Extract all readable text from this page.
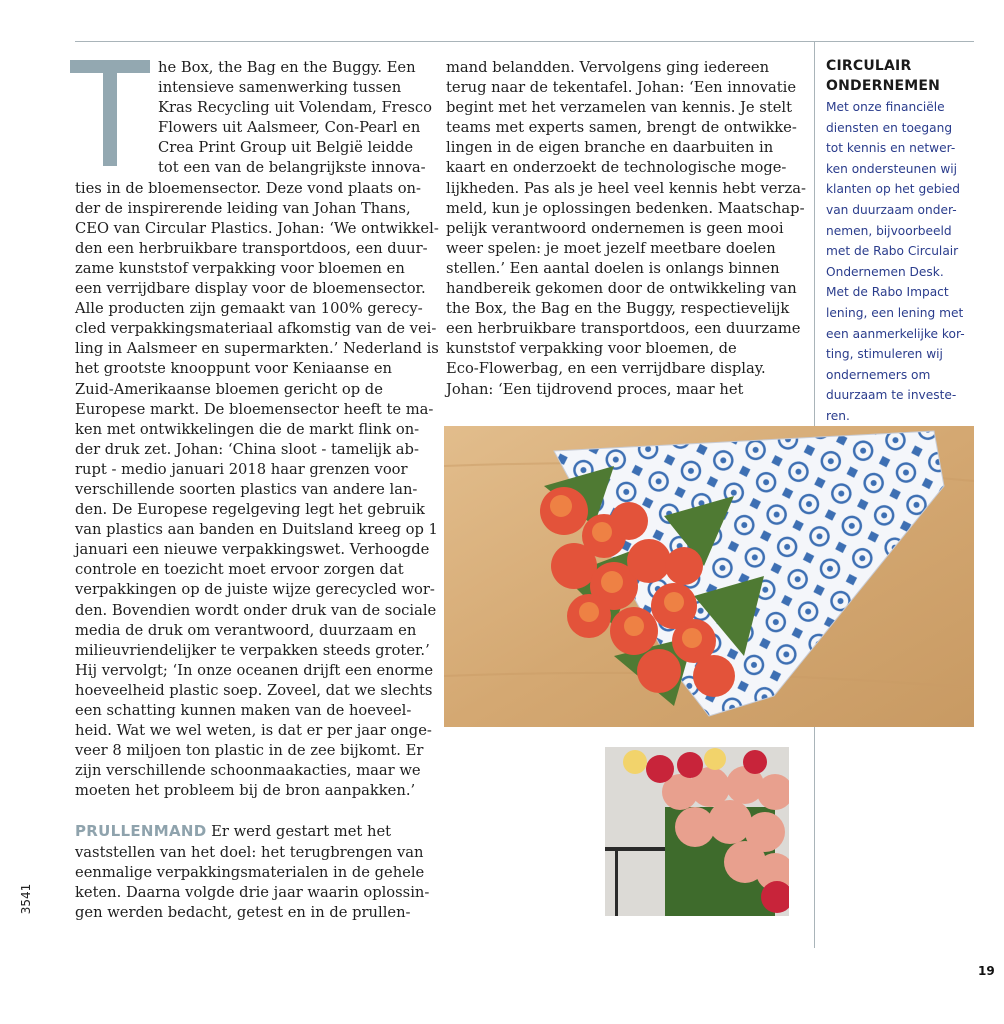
he Box, the Bag en the Buggy. Een

intensieve samenwerking tussen

Kras Recycling uit Volendam, Fresco

Flowers uit Aalsmeer, Con-Pearl en

Crea Print Group uit België leidde

tot een van de belangrijkste innova-

ties in de bloemensector. Deze vond plaats on-

der de inspirerende leiding van Johan Thans,

CEO van Circular Plastics. Johan: ‘We ontwikkel-

den een herbruikbare transportdoos, een duur-

zame kunststof verpakking voor bloemen en

een verrijdbare display voor de bloemensector.

Alle producten zijn gemaakt van 100% gerecy-

cled verpakkingsmateriaal afkomstig van de vei-

ling in Aalsmeer en supermarkten.’ Nederland is

het grootste knooppunt voor Keniaanse en

Zuid-Amerikaanse bloemen gericht op de

Europese markt. De bloemensector heeft te ma-

ken met ontwikkelingen die de markt flink on-

der druk zet. Johan: ‘China sloot - tamelijk ab-

rupt - medio januari 2018 haar grenzen voor

verschillende soorten plastics van andere lan-

den. De Europese regelgeving legt het gebruik

van plastics aan banden en Duitsland kreeg op 1

januari een nieuwe verpakkingswet. Verhoogde

controle en toezicht moet ervoor zorgen dat

verpakkingen op de juiste wijze gerecycled wor-

den. Bovendien wordt onder druk van de sociale

media de druk om verantwoord, duurzaam en

milieuvriendelijker te verpakken steeds groter.’

Hij vervolgt; ‘In onze oceanen drijft een enorme

hoeveelheid plastic soep. Zoveel, dat we slechts

een schatting kunnen maken van de hoeveel-

heid. Wat we wel weten, is dat er per jaar onge-

veer 8 miljoen ton plastic in de zee bijkomt. Er

zijn verschillende schoonmaakacties, maar we

moeten het probleem bij de bron aanpakken.’

PRULLENMAND Er werd gestart met het

vaststellen van het doel: het terugbrengen van

eenmalige verpakkingsmaterialen in de gehele

keten. Daarna volgde drie jaar waarin oplossin-

gen werden bedacht, getest en in de prullen-

mand belandden. Vervolgens ging iedereen

terug naar de tekentafel. Johan: ‘Een innovatie

begint met het verzamelen van kennis. Je stelt

teams met experts samen, brengt de ontwikke-

lingen in de eigen branche en daarbuiten in

kaart en onderzoekt de technologische moge-

lijkheden. Pas als je heel veel kennis hebt verza-

meld, kun je oplossingen bedenken. Maatschap-

pelijk verantwoord ondernemen is geen mooi

weer spelen: je moet jezelf meetbare doelen

stellen.’ Een aantal doelen is onlangs binnen

handbereik gekomen door de ontwikkeling van

the Box, the Bag en the Buggy, respectievelijk

een herbruikbare transportdoos, een duurzame

kunststof verpakking voor bloemen, de

Eco-Flowerbag, en een verrijdbare display.

Johan: ‘Een tijdrovend proces, maar het

CIRCULAIR
ONDERNEMEN

Met onze financiële

diensten en toegang

tot kennis en netwer-

ken ondersteunen wij

klanten op het gebied

van duurzaam onder-

nemen, bijvoorbeeld

met de Rabo Circulair

Ondernemen Desk.

Met de Rabo Impact

lening, een lening met

een aanmerkelijke kor-

ting, stimuleren wij

ondernemers om

duurzaam te investe-

ren.

3541
19
